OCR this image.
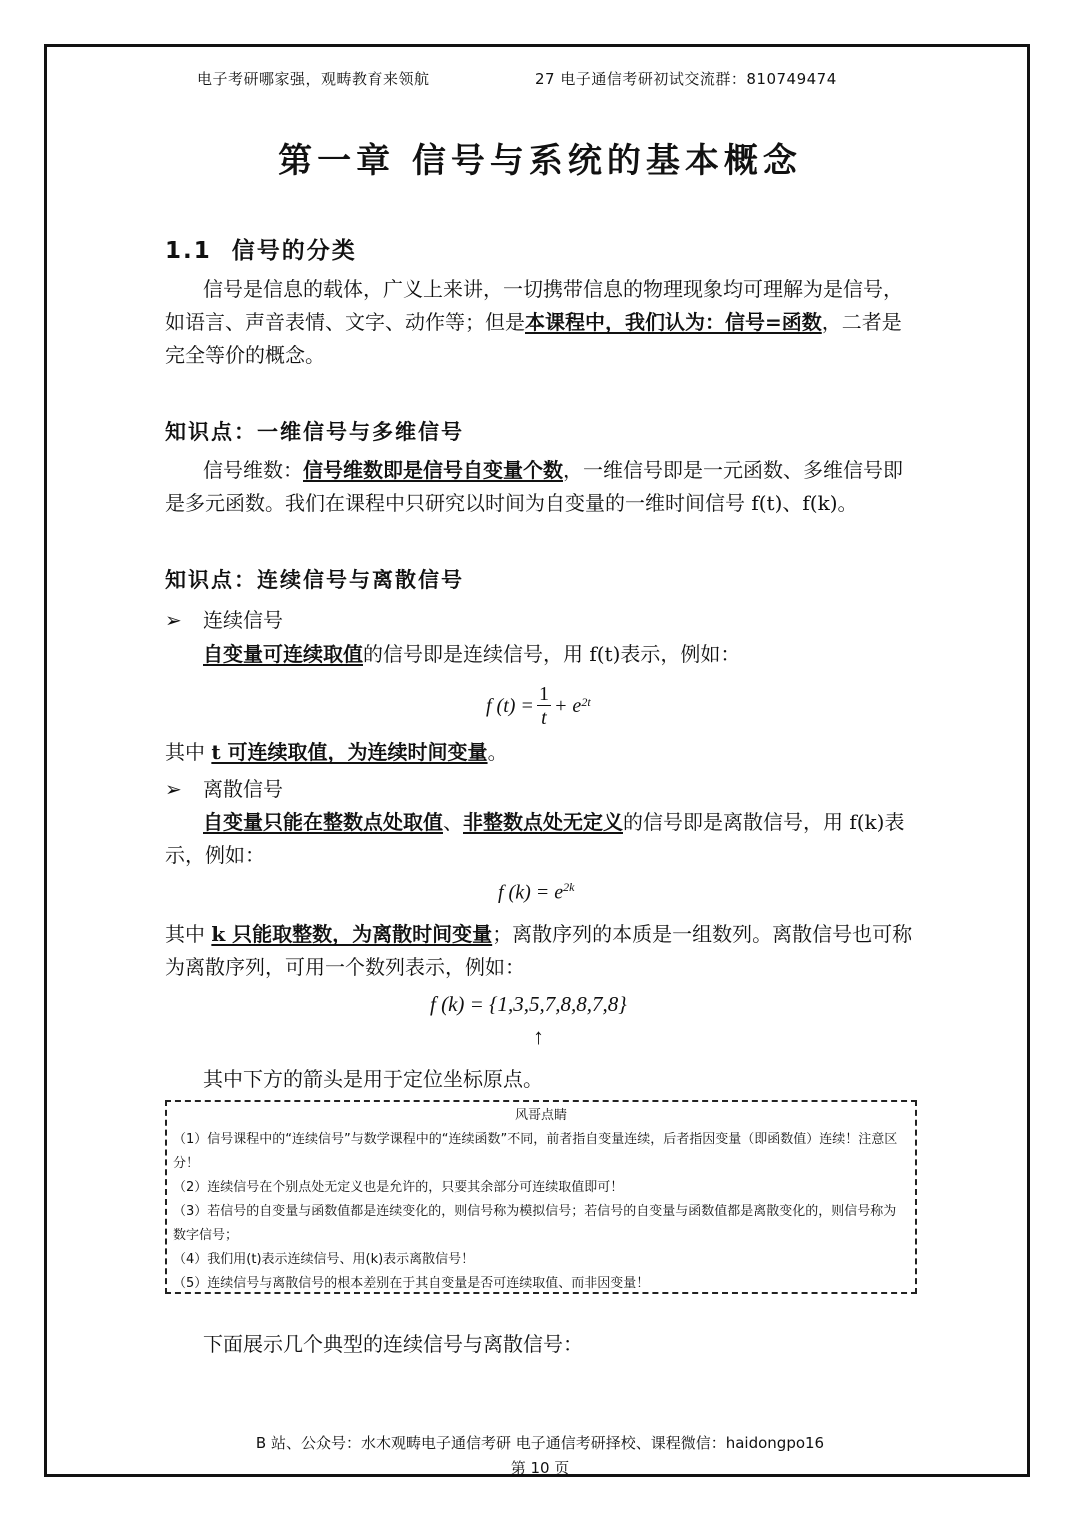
电子考研哪家强，观畴教育来领航	27 电子通信考研初试交流群：810749474
第一章 信号与系统的基本概念
1.1 信号的分类
信号是信息的载体，广义上来讲，一切携带信息的物理现象均可理解为是信号，如语言、声音表情、文字、动作等；但是本课程中，我们认为：信号=函数，二者是完全等价的概念。
知识点：一维信号与多维信号
信号维数：信号维数即是信号自变量个数，一维信号即是一元函数、多维信号即是多元函数。我们在课程中只研究以时间为自变量的一维时间信号 f(t)、f(k)。
知识点：连续信号与离散信号
➢ 连续信号
自变量可连续取值的信号即是连续信号，用 f(t)表示，例如：
f (t) =
1
t
+ $e^{2t}$
其中 t 可连续取值，为连续时间变量。
➢ 离散信号
自变量只能在整数点处取值、非整数点处无定义的信号即是离散信号，用 f(k)表示，例如：
f $(k) = e^{2k}$
其中 k 只能取整数，为离散时间变量；离散序列的本质是一组数列。离散信号也可称为离散序列，可用一个数列表示，例如：
f (k) = {1,3,5,7,8,8,7,8}
↑
其中下方的箭头是用于定位坐标原点。
风哥点睛
（1）信号课程中的“连续信号”与数学课程中的“连续函数”不同，前者指自变量连续，后者指因变量（即函数值）连续！注意区分！
（2）连续信号在个别点处无定义也是允许的，只要其余部分可连续取值即可！
（3）若信号的自变量与函数值都是连续变化的，则信号称为模拟信号；若信号的自变量与函数值都是离散变化的，则信号称为数字信号；
（4）我们用(t)表示连续信号、用(k)表示离散信号！
（5）连续信号与离散信号的根本差别在于其自变量是否可连续取值、而非因变量！
下面展示几个典型的连续信号与离散信号：
B 站、公众号：水木观畴电子通信考研 电子通信考研择校、课程微信：haidongpo16
第 10 页
